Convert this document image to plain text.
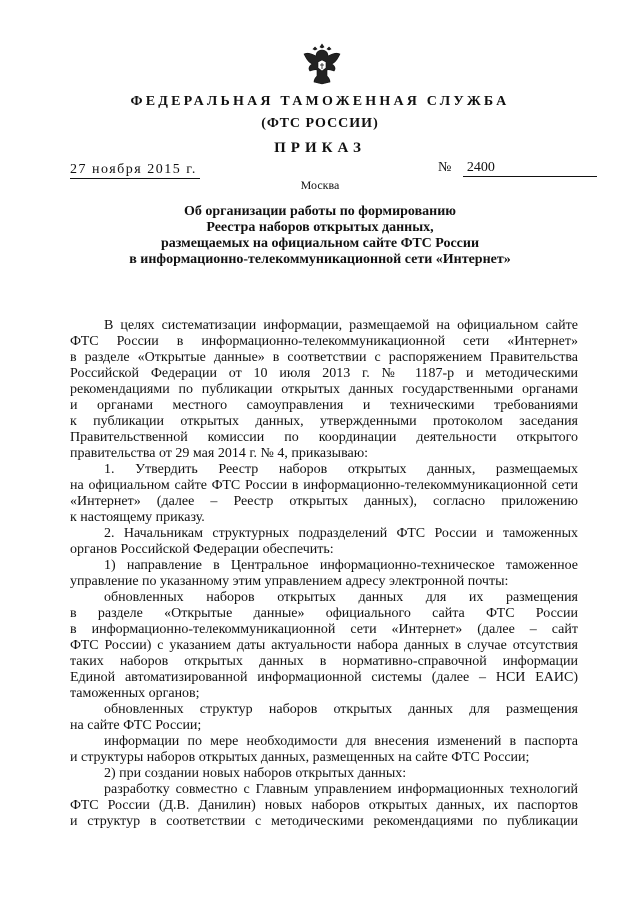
ФЕДЕРАЛЬНАЯ ТАМОЖЕННАЯ СЛУЖБА
(ФТС РОССИИ)
ПРИКАЗ
27 ноября 2015 г.	№ 2400
Москва
Об организации работы по формированию
Реестра наборов открытых данных,
размещаемых на официальном сайте ФТС России
в информационно-телекоммуникационной сети «Интернет»
В целях систематизации информации, размещаемой на официальном сайте
ФТС России в информационно-телекоммуникационной сети «Интернет»
в разделе «Открытые данные» в соответствии с распоряжением Правительства
Российской Федерации от 10 июля 2013 г. № 1187-р и методическими
рекомендациями по публикации открытых данных государственными органами
и органами местного самоуправления и техническими требованиями
к публикации открытых данных, утвержденными протоколом заседания
Правительственной комиссии по координации деятельности открытого
правительства от 29 мая 2014 г. № 4, приказываю:
1. Утвердить Реестр наборов открытых данных, размещаемых
на официальном сайте ФТС России в информационно-телекоммуникационной сети
«Интернет» (далее – Реестр открытых данных), согласно приложению
к настоящему приказу.
2. Начальникам структурных подразделений ФТС России и таможенных
органов Российской Федерации обеспечить:
1) направление в Центральное информационно-техническое таможенное
управление по указанному этим управлением адресу электронной почты:
обновленных наборов открытых данных для их размещения
в разделе «Открытые данные» официального сайта ФТС России
в информационно-телекоммуникационной сети «Интернет» (далее – сайт
ФТС России) с указанием даты актуальности набора данных в случае отсутствия
таких наборов открытых данных в нормативно-справочной информации
Единой автоматизированной информационной системы (далее – НСИ ЕАИС)
таможенных органов;
обновленных структур наборов открытых данных для размещения
на сайте ФТС России;
информации по мере необходимости для внесения изменений в паспорта
и структуры наборов открытых данных, размещенных на сайте ФТС России;
2) при создании новых наборов открытых данных:
разработку совместно с Главным управлением информационных технологий
ФТС России (Д.В. Данилин) новых наборов открытых данных, их паспортов
и структур в соответствии с методическими рекомендациями по публикации
